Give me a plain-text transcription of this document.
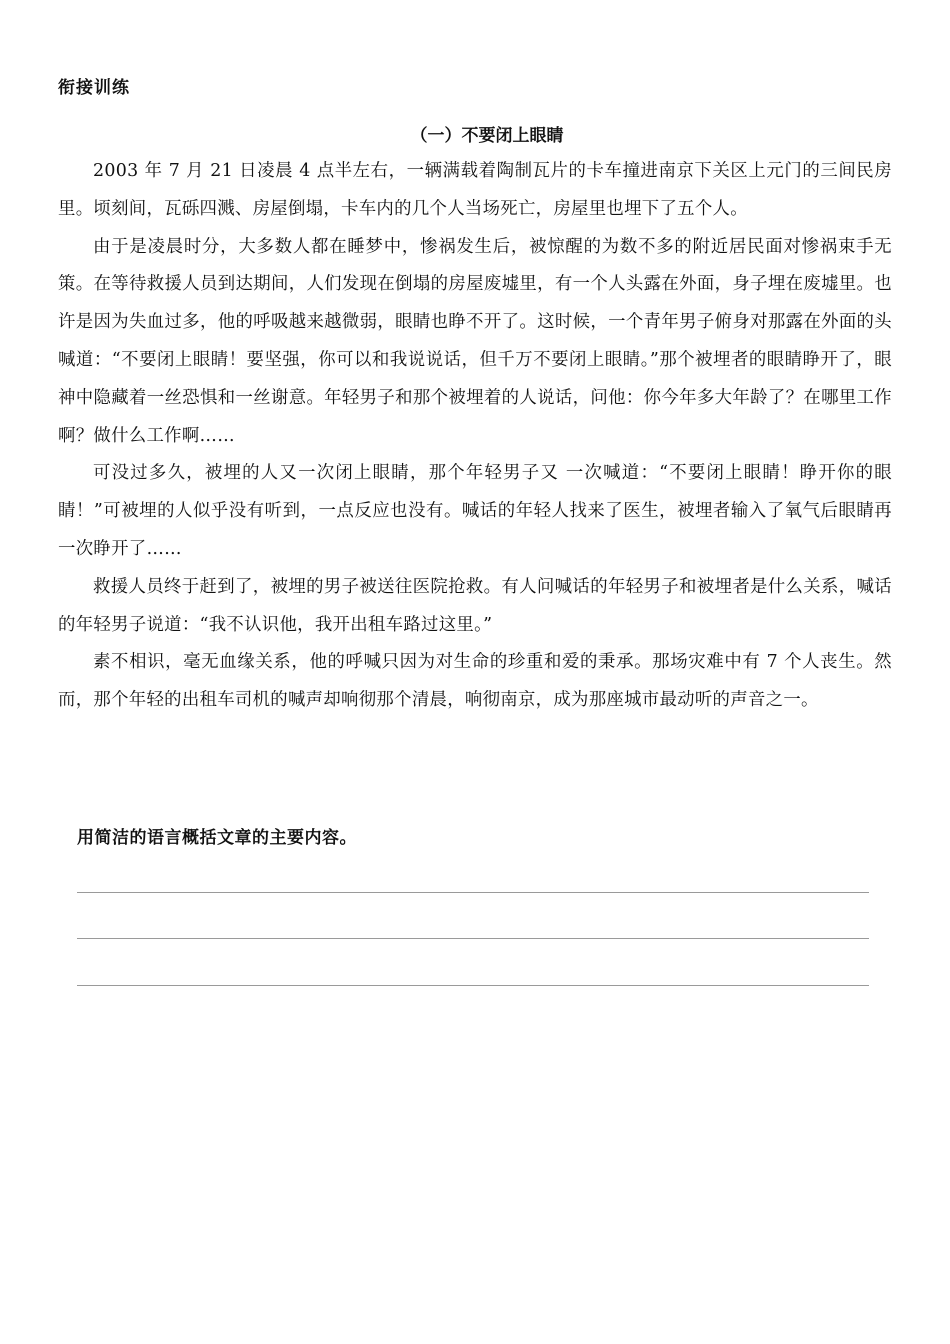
衔接训练
（一）不要闭上眼睛

2003 年 7 月 21 日凌晨 4 点半左右，一辆满载着陶制瓦片的卡车撞进南京下关区上元门的三间民房里。顷刻间，瓦砾四溅、房屋倒塌，卡车内的几个人当场死亡，房屋里也埋下了五个人。

由于是凌晨时分，大多数人都在睡梦中，惨祸发生后，被惊醒的为数不多的附近居民面对惨祸束手无策。在等待救援人员到达期间，人们发现在倒塌的房屋废墟里，有一个人头露在外面，身子埋在废墟里。也许是因为失血过多，他的呼吸越来越微弱，眼睛也睁不开了。这时候，一个青年男子俯身对那露在外面的头喊道：“不要闭上眼睛！要坚强，你可以和我说说话，但千万不要闭上眼睛。”那个被埋者的眼睛睁开了，眼神中隐藏着一丝恐惧和一丝谢意。年轻男子和那个被埋着的人说话，问他：你今年多大年龄了？在哪里工作啊？做什么工作啊……

可没过多久，被埋的人又一次闭上眼睛，那个年轻男子又 一次喊道：“不要闭上眼睛！睁开你的眼睛！”可被埋的人似乎没有听到，一点反应也没有。喊话的年轻人找来了医生，被埋者输入了氧气后眼睛再一次睁开了……

救援人员终于赶到了，被埋的男子被送往医院抢救。有人问喊话的年轻男子和被埋者是什么关系，喊话的年轻男子说道：“我不认识他，我开出租车路过这里。”

素不相识，毫无血缘关系，他的呼喊只因为对生命的珍重和爱的秉承。那场灾难中有 7 个人丧生。然而，那个年轻的出租车司机的喊声却响彻那个清晨，响彻南京，成为那座城市最动听的声音之一。

用简洁的语言概括文章的主要内容。
